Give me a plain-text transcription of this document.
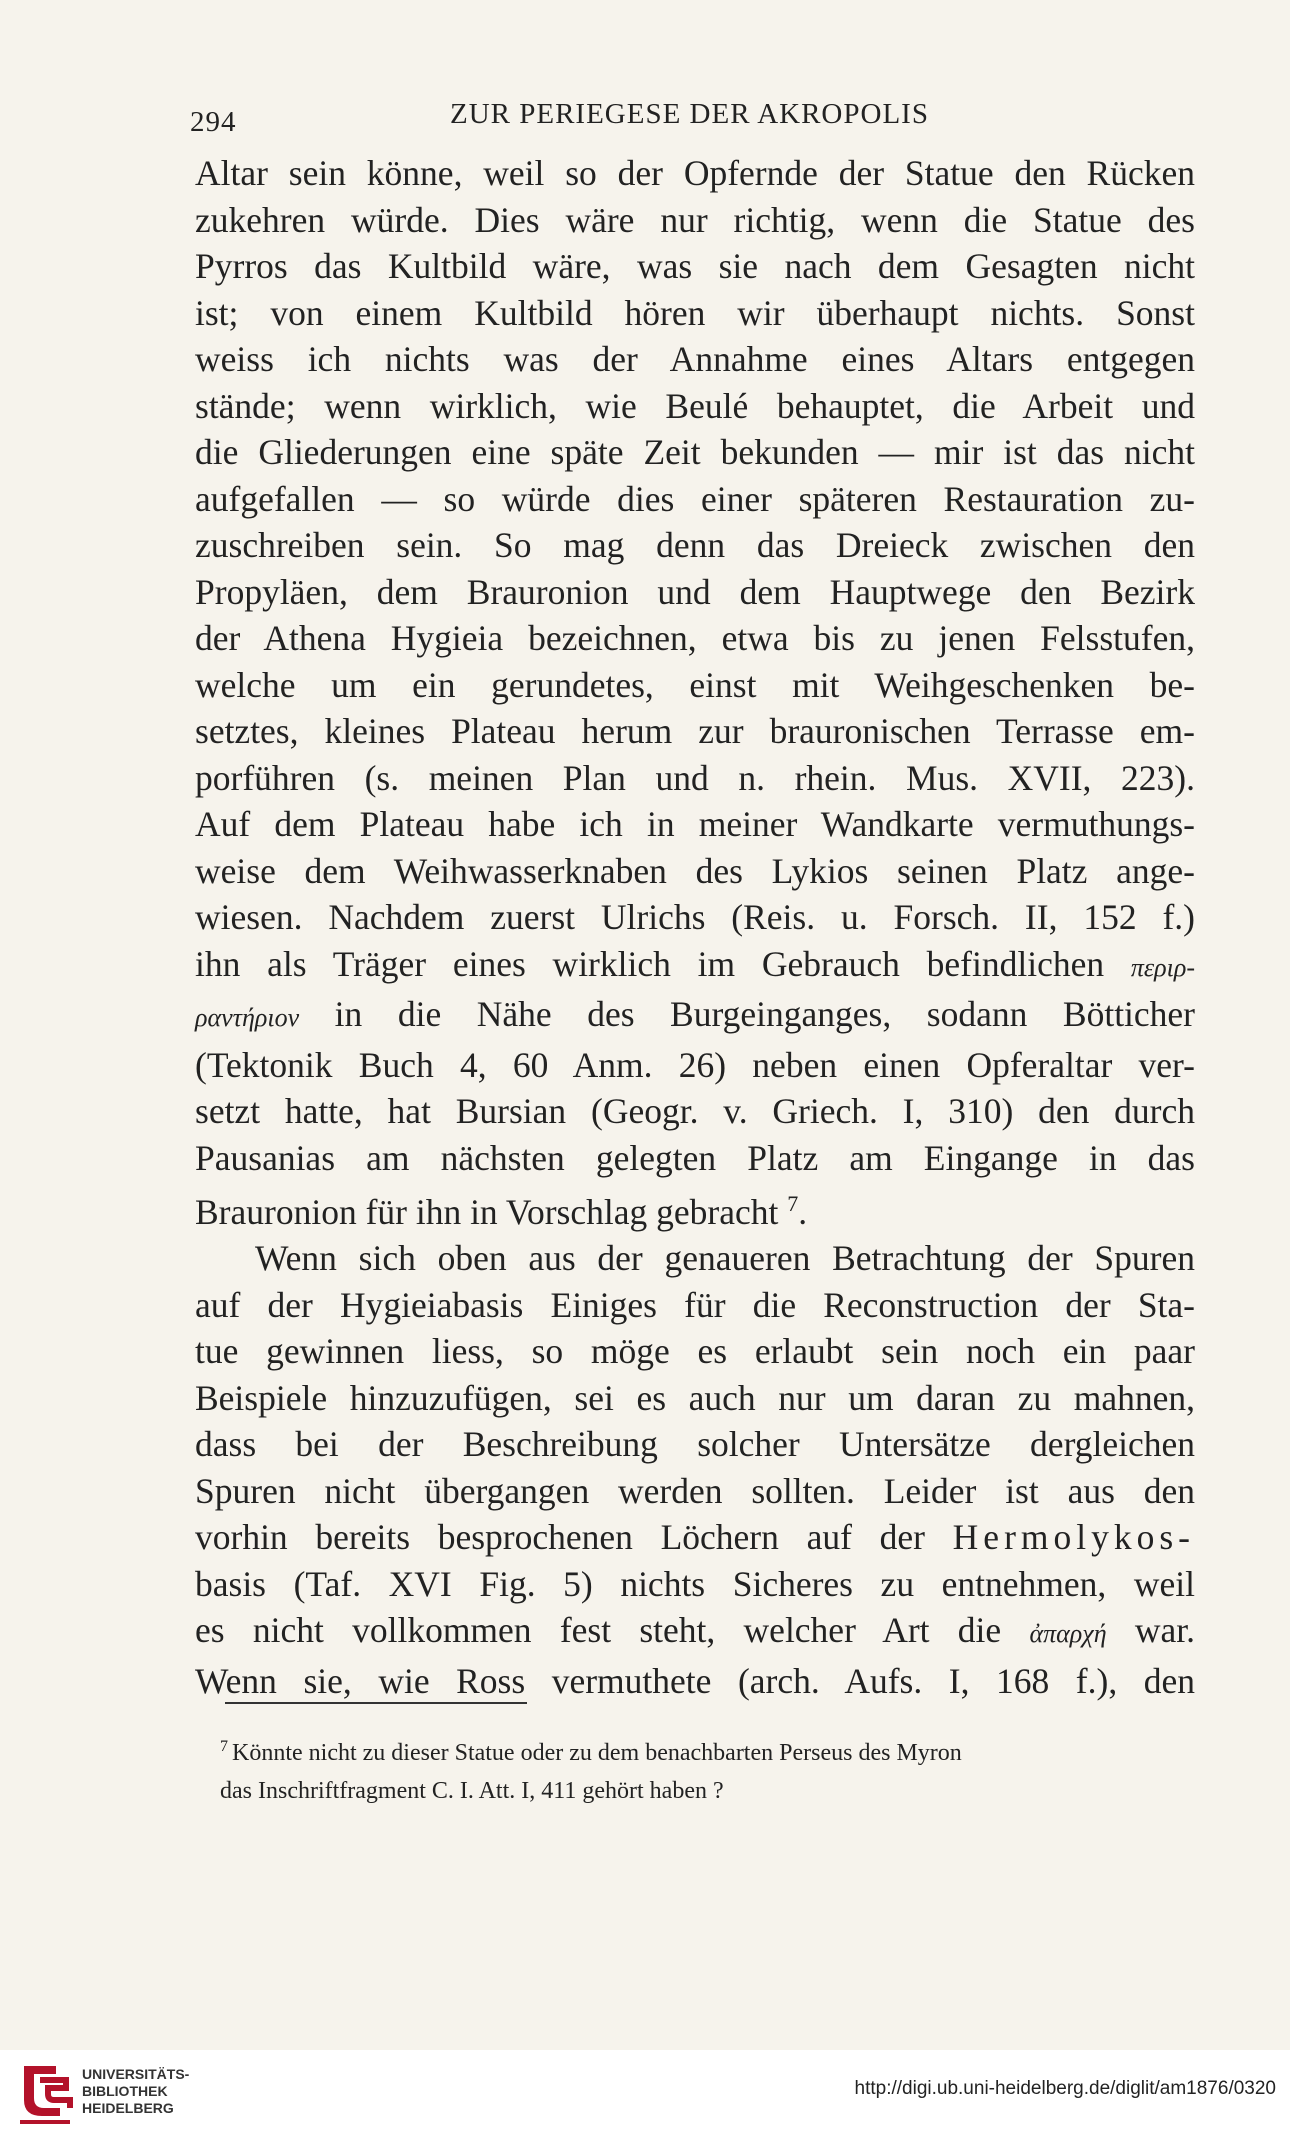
294	ZUR PERIEGESE DER AKROPOLIS
Altar sein könne, weil so der Opfernde der Statue den Rücken
zukehren würde. Dies wäre nur richtig, wenn die Statue des
Pyrros das Kultbild wäre, was sie nach dem Gesagten nicht
ist; von einem Kultbild hören wir überhaupt nichts. Sonst
weiss ich nichts was der Annahme eines Altars entgegen
stände; wenn wirklich, wie Beulé behauptet, die Arbeit und
die Gliederungen eine späte Zeit bekunden — mir ist das nicht
aufgefallen — so würde dies einer späteren Restauration zu-
zuschreiben sein. So mag denn das Dreieck zwischen den
Propyläen, dem Brauronion und dem Hauptwege den Bezirk
der Athena Hygieia bezeichnen, etwa bis zu jenen Felsstufen,
welche um ein gerundetes, einst mit Weihgeschenken be-
setztes, kleines Plateau herum zur brauronischen Terrasse em-
porführen (s. meinen Plan und n. rhein. Mus. XVII, 223).
Auf dem Plateau habe ich in meiner Wandkarte vermuthungs-
weise dem Weihwasserknaben des Lykios seinen Platz ange-
wiesen. Nachdem zuerst Ulrichs (Reis. u. Forsch. II, 152 f.)
ihn als Träger eines wirklich im Gebrauch befindlichen περιρ-
ραντήριον in die Nähe des Burgeinganges, sodann Bötticher
(Tektonik Buch 4, 60 Anm. 26) neben einen Opferaltar ver-
setzt hatte, hat Bursian (Geogr. v. Griech. I, 310) den durch
Pausanias am nächsten gelegten Platz am Eingange in das
Brauronion für ihn in Vorschlag gebracht $^7$.
Wenn sich oben aus der genaueren Betrachtung der Spuren
auf der Hygieiabasis Einiges für die Reconstruction der Sta-
tue gewinnen liess, so möge es erlaubt sein noch ein paar
Beispiele hinzuzufügen, sei es auch nur um daran zu mahnen,
dass bei der Beschreibung solcher Untersätze dergleichen
Spuren nicht übergangen werden sollten. Leider ist aus den
vorhin bereits besprochenen Löchern auf der Hermolykos-
basis (Taf. XVI Fig. 5) nichts Sicheres zu entnehmen, weil
es nicht vollkommen fest steht, welcher Art die ἀπαρχή war.
Wenn sie, wie Ross vermuthete (arch. Aufs. I, 168 f.), den
$^7$ Könnte nicht zu dieser Statue oder zu dem benachbarten Perseus des Myron
das Inschriftfragment C. I. Att. I, 411 gehört haben ?
UNIVERSITÄTS-
BIBLIOTHEK
HEIDELBERG
http://digi.ub.uni-heidelberg.de/diglit/am1876/0320
